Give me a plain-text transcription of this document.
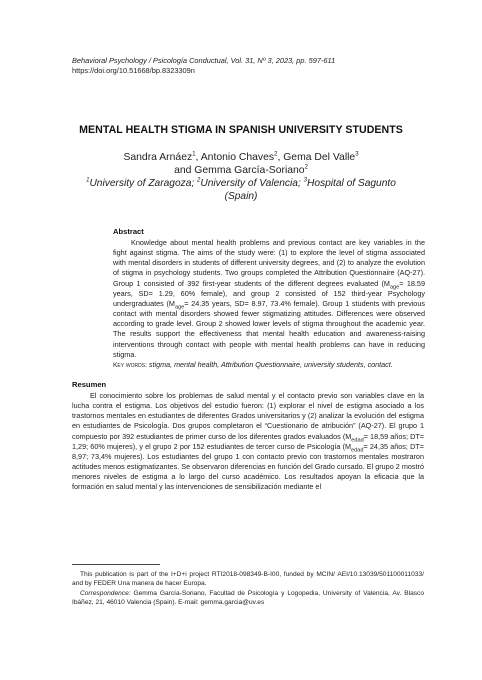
Behavioral Psychology / Psicología Conductual, Vol. 31, Nº 3, 2023, pp. 597-611
https://doi.org/10.51668/bp.8323309n
MENTAL HEALTH STIGMA IN SPANISH UNIVERSITY STUDENTS
Sandra Arnáez$^1$, Antonio Chaves$^2$, Gema Del Valle$^3$
and Gemma García-Soriano$^2$
$^1$University of Zaragoza; $^2$University of Valencia; $^3$Hospital of Sagunto
(Spain)
Abstract

Knowledge about mental health problems and previous contact are key variables in the fight against stigma. The aims of the study were: (1) to explore the level of stigma associated with mental disorders in students of different university degrees, and (2) to analyze the evolution of stigma in psychology students. Two groups completed the Attribution Questionnaire (AQ-27). Group 1 consisted of 392 first-year students of the different degrees evaluated ($M_{age}= 18.59$ years, SD= 1.29, 60% female), and group 2 consisted of 152 third-year Psychology undergraduates ($M_{age}= 24.35$ years, SD= 8.97, 73.4% female). Group 1 students with previous contact with mental disorders showed fewer stigmatizing attitudes. Differences were observed according to grade level. Group 2 showed lower levels of stigma throughout the academic year. The results support the effectiveness that mental health education and awareness-raising interventions through contact with people with mental health problems can have in reducing stigma.

Key words: stigma, mental health, Attribution Questionnaire, university students, contact.

Resumen

El conocimiento sobre los problemas de salud mental y el contacto previo son variables clave en la lucha contra el estigma. Los objetivos del estudio fueron: (1) explorar el nivel de estigma asociado a los trastornos mentales en estudiantes de diferentes Grados universitarios y (2) analizar la evolución del estigma en estudiantes de Psicología. Dos grupos completaron el “Cuestionario de atribución” (AQ-27). El grupo 1 compuesto por 392 estudiantes de primer curso de los diferentes grados evaluados ($M_{edad}= 18,59$ años; DT= 1,29; 60% mujeres), y el grupo 2 por 152 estudiantes de tercer curso de Psicología ($M_{edad}= 24,35$ años; DT= 8,97; 73,4% mujeres). Los estudiantes del grupo 1 con contacto previo con trastornos mentales mostraron actitudes menos estigmatizantes. Se observaron diferencias en función del Grado cursado. El grupo 2 mostró menores niveles de estigma a lo largo del curso académico. Los resultados apoyan la eficacia que la formación en salud mental y las intervenciones de sensibilización mediante el

This publication is part of the I+D+i project RTI2018-098349-B-I00, funded by MCIN/ AEI/10.13039/501100011033/ and by FEDER Una manera de hacer Europa.

Correspondence: Gemma García-Soriano, Facultad de Psicología y Logopedia, University of Valencia, Av. Blasco Ibáñez, 21, 46010 Valencia (Spain). E-mail: gemma.garcia@uv.es
